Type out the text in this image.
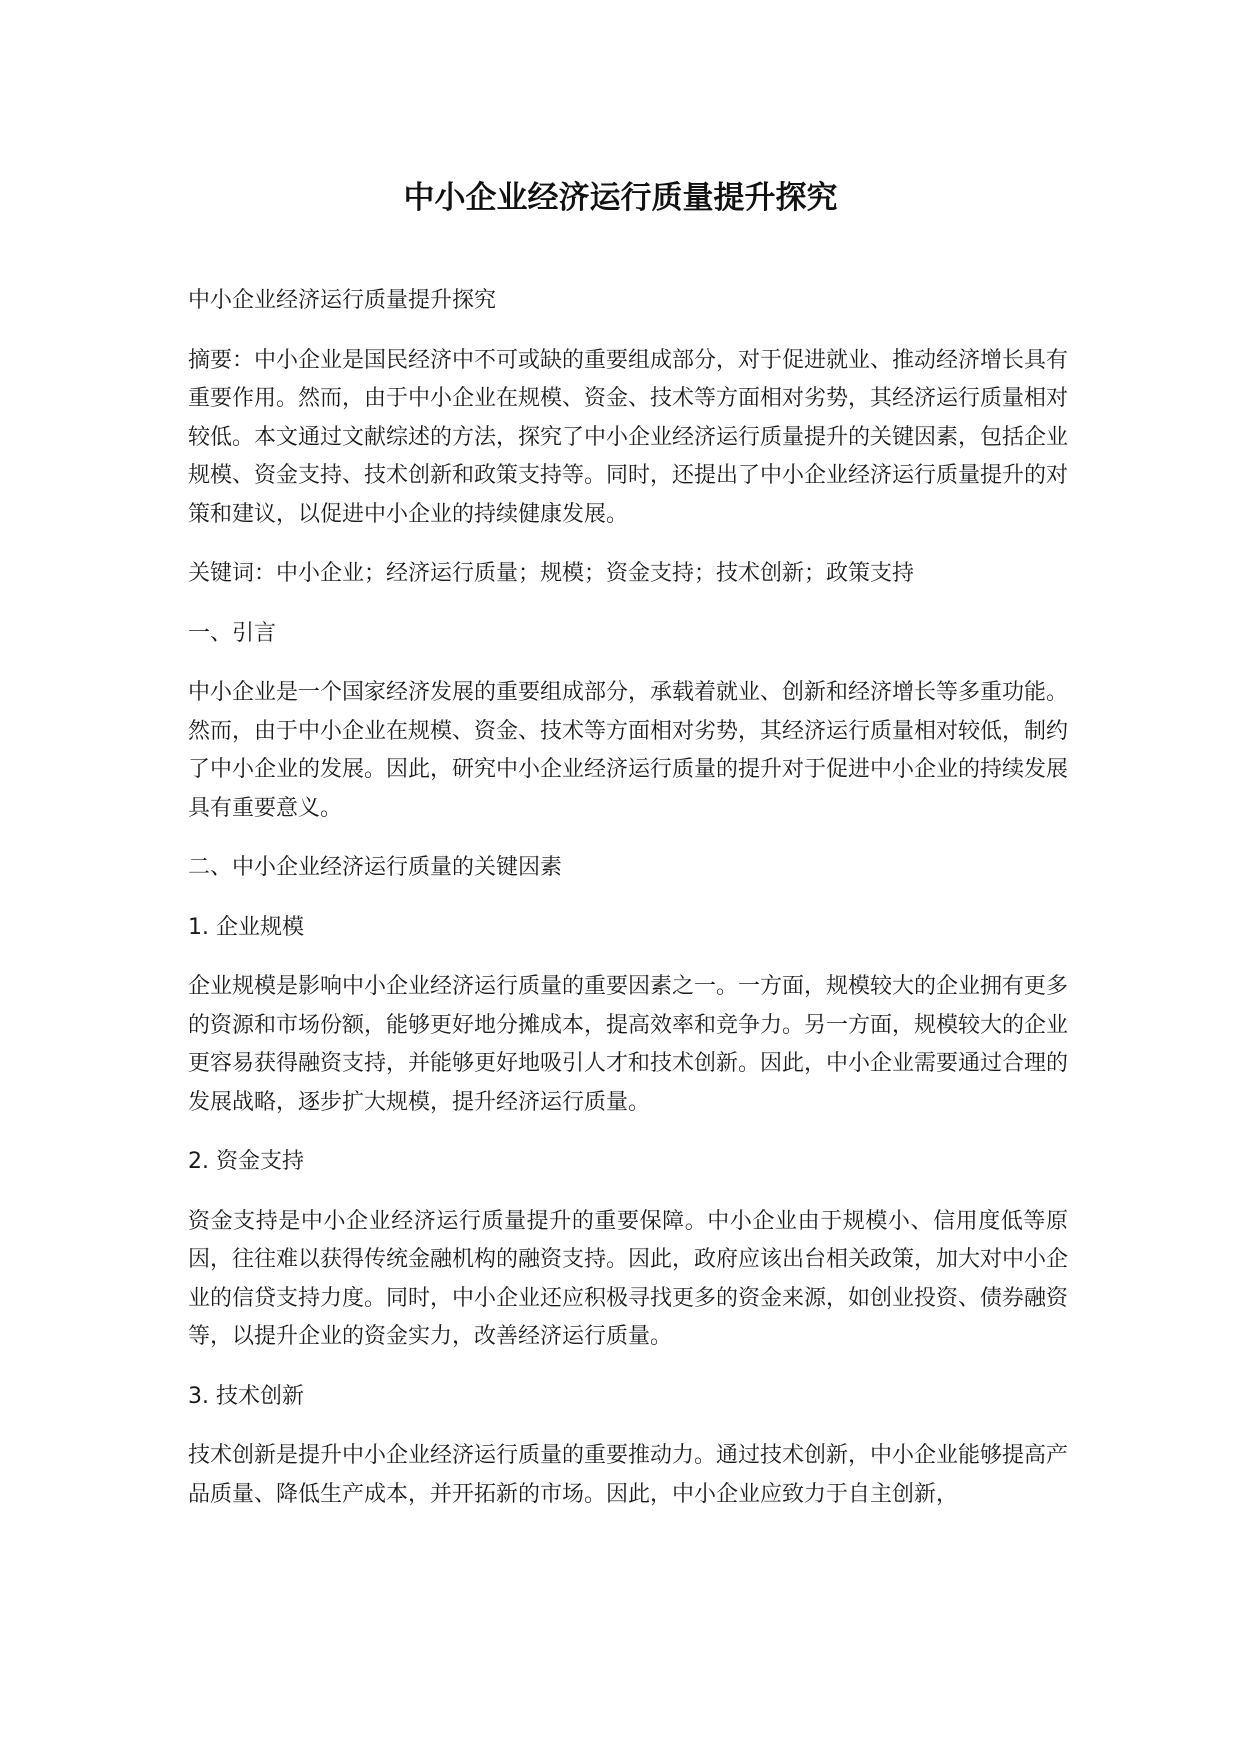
中小企业经济运行质量提升探究

中小企业经济运行质量提升探究

摘要：中小企业是国民经济中不可或缺的重要组成部分，对于促进就业、推动经济增长具有重要作用。然而，由于中小企业在规模、资金、技术等方面相对劣势，其经济运行质量相对较低。本文通过文献综述的方法，探究了中小企业经济运行质量提升的关键因素，包括企业规模、资金支持、技术创新和政策支持等。同时，还提出了中小企业经济运行质量提升的对策和建议，以促进中小企业的持续健康发展。

关键词：中小企业；经济运行质量；规模；资金支持；技术创新；政策支持

一、引言

中小企业是一个国家经济发展的重要组成部分，承载着就业、创新和经济增长等多重功能。然而，由于中小企业在规模、资金、技术等方面相对劣势，其经济运行质量相对较低，制约了中小企业的发展。因此，研究中小企业经济运行质量的提升对于促进中小企业的持续发展具有重要意义。

二、中小企业经济运行质量的关键因素

1. 企业规模

企业规模是影响中小企业经济运行质量的重要因素之一。一方面，规模较大的企业拥有更多的资源和市场份额，能够更好地分摊成本，提高效率和竞争力。另一方面，规模较大的企业更容易获得融资支持，并能够更好地吸引人才和技术创新。因此，中小企业需要通过合理的发展战略，逐步扩大规模，提升经济运行质量。

2. 资金支持

资金支持是中小企业经济运行质量提升的重要保障。中小企业由于规模小、信用度低等原因，往往难以获得传统金融机构的融资支持。因此，政府应该出台相关政策，加大对中小企业的信贷支持力度。同时，中小企业还应积极寻找更多的资金来源，如创业投资、债券融资等，以提升企业的资金实力，改善经济运行质量。

3. 技术创新

技术创新是提升中小企业经济运行质量的重要推动力。通过技术创新，中小企业能够提高产品质量、降低生产成本，并开拓新的市场。因此，中小企业应致力于自主创新，
